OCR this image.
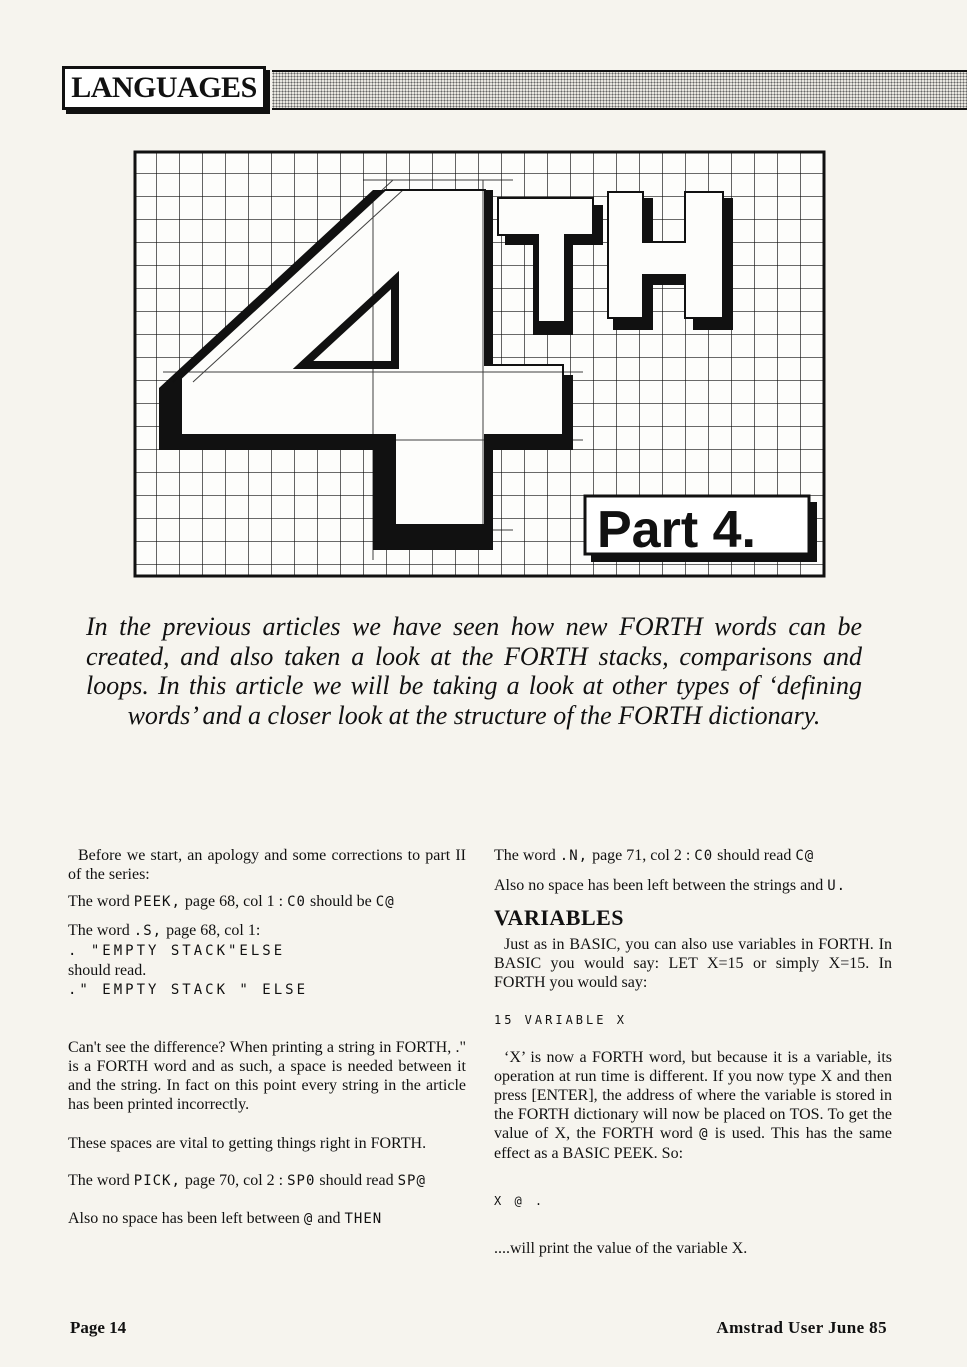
LANGUAGES
Part 4.
In the previous articles we have seen how new FORTH words can be created, and also taken a look at the FORTH stacks, comparisons and loops. In this article we will be taking a look at other types of ‘defining words’ and a closer look at the structure of the FORTH dictionary.

Before we start, an apology and some corrections to part II of the series:

The word PEEK, page 68, col 1 : C0 should be C@

The word .S, page 68, col 1:

. "EMPTY STACK"ELSE

should read.

." EMPTY STACK " ELSE

Can't see the difference? When printing a string in FORTH, ." is a FORTH word and as such, a space is needed between it and the string. In fact on this point every string in the article has been printed incorrectly.

These spaces are vital to getting things right in FORTH.

The word PICK, page 70, col 2 : SP0 should read SP@

Also no space has been left between @ and THEN

The word .N, page 71, col 2 : C0 should read C@

Also no space has been left between the strings and U.

VARIABLES

Just as in BASIC, you can also use variables in FORTH. In BASIC you would say: LET X=15 or simply X=15. In FORTH you would say:

15 VARIABLE X

‘X’ is now a FORTH word, but because it is a variable, its operation at run time is different. If you now type X and then press [ENTER], the address of where the variable is stored in the FORTH dictionary will now be placed on TOS. To get the value of X, the FORTH word @ is used. This has the same effect as a BASIC PEEK. So:

X @ .

....will print the value of the variable X.

Page 14	Amstrad User June 85
